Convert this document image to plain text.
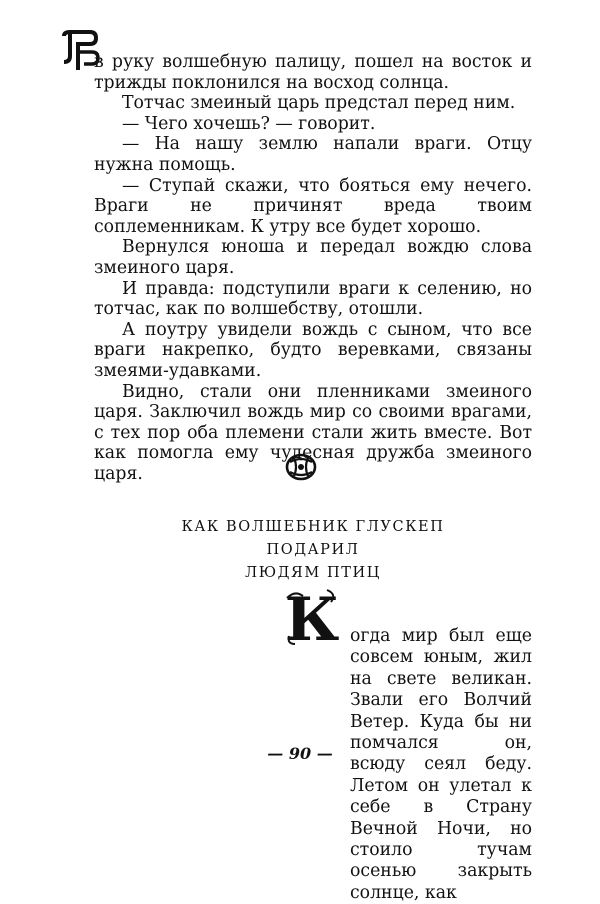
в руку волшебную палицу, пошел на восток и трижды поклонился на восход солнца.

Тотчас змеиный царь предстал перед ним.

— Чего хочешь? — говорит.

— На нашу землю напали враги. Отцу нужна помощь.

— Ступай скажи, что бояться ему нечего. Враги не причинят вреда твоим соплеменникам. К утру все будет хорошо.

Вернулся юноша и передал вождю слова змеиного царя.

И правда: подступили враги к селению, но тотчас, как по волшебству, отошли.

А поутру увидели вождь с сыном, что все враги накрепко, будто веревками, связаны змеями-удавками.

Видно, стали они пленниками змеиного царя. Заключил вождь мир со своими врагами, с тех пор оба племени стали жить вместе. Вот как помогла ему чудесная дружба змеиного царя.

КАК ВОЛШЕБНИК ГЛУСКЕП
ПОДАРИЛ
ЛЮДЯМ ПТИЦ
К огда мир был еще совсем юным, жил на свете великан. Звали его Волчий Ветер. Куда бы ни помчался он, всюду сеял беду. Летом он улетал к себе в Страну Вечной Ночи, но стоило тучам осенью закрыть солнце, как

— 90 —
